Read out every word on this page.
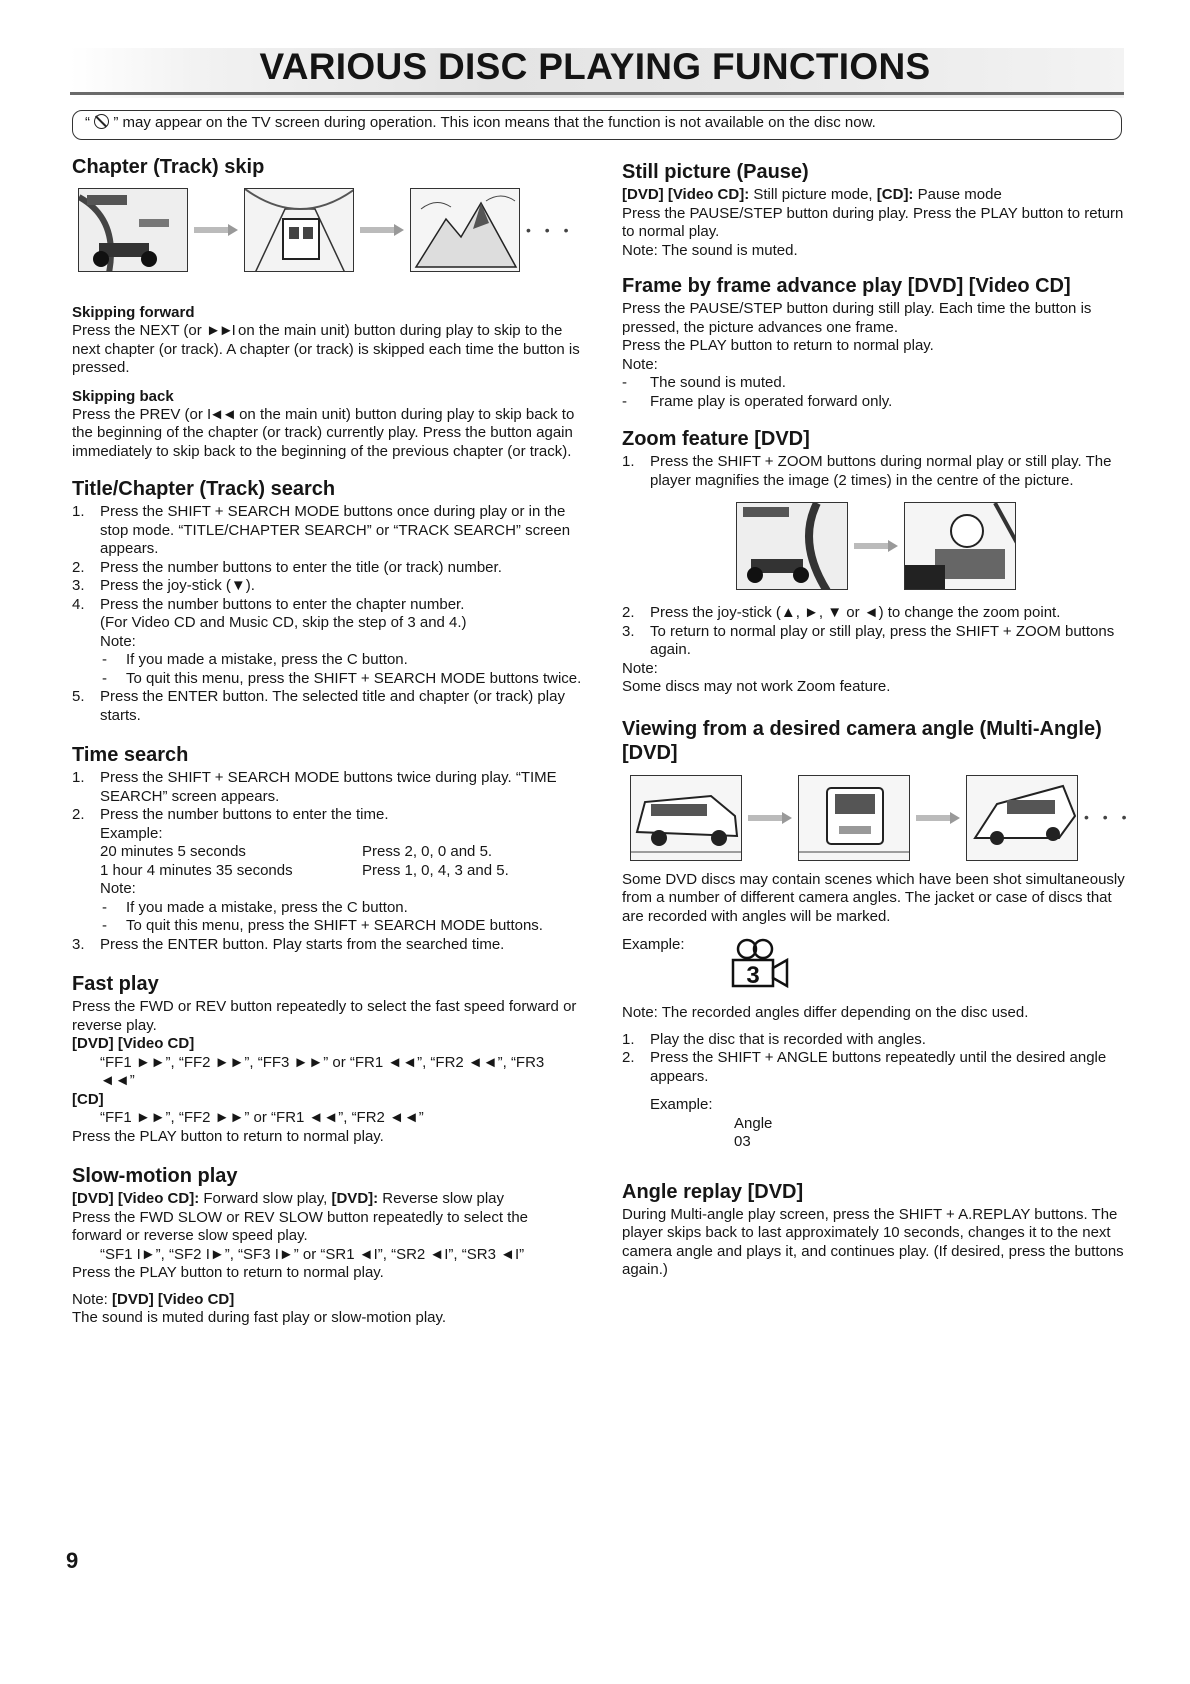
VARIOUS DISC PLAYING FUNCTIONS
“ ” may appear on the TV screen during operation. This icon means that the function is not available on the disc now.
Chapter (Track) skip
• • •
Skipping forward

Press the NEXT (or ►►I on the main unit) button during play to skip to the next chapter (or track). A chapter (or track) is skipped each time the button is pressed.

Skipping back

Press the PREV (or I◄◄ on the main unit) button during play to skip back to the beginning of the chapter (or track) currently play. Press the button again immediately to skip back to the beginning of the previous chapter (or track).

Title/Chapter (Track) search
1. Press the SHIFT + SEARCH MODE buttons once during play or in the stop mode. “TITLE/CHAPTER SEARCH” or “TRACK SEARCH” screen appears.
2. Press the number buttons to enter the title (or track) number.
3. Press the joy-stick (▼).
4. Press the number buttons to enter the chapter number.
(For Video CD and Music CD, skip the step of 3 and 4.)
Note:
- If you made a mistake, press the C button.
- To quit this menu, press the SHIFT + SEARCH MODE buttons twice.
5. Press the ENTER button. The selected title and chapter (or track) play starts.
Time search
1. Press the SHIFT + SEARCH MODE buttons twice during play. “TIME SEARCH” screen appears.
2. Press the number buttons to enter the time.
Example:
20 minutes 5 seconds	Press 2, 0, 0 and 5.
1 hour 4 minutes 35 seconds	Press 1, 0, 4, 3 and 5.
Note:
- If you made a mistake, press the C button.
- To quit this menu, press the SHIFT + SEARCH MODE buttons.
3. Press the ENTER button. Play starts from the searched time.
Fast play

Press the FWD or REV button repeatedly to select the fast speed forward or reverse play.

[DVD] [Video CD]

“FF1 ►►”, “FF2 ►►”, “FF3 ►►” or “FR1 ◄◄”, “FR2 ◄◄”, “FR3 ◄◄”

[CD]

“FF1 ►►”, “FF2 ►►” or “FR1 ◄◄”, “FR2 ◄◄”

Press the PLAY button to return to normal play.

Slow-motion play

[DVD] [Video CD]: Forward slow play, [DVD]: Reverse slow play

Press the FWD SLOW or REV SLOW button repeatedly to select the forward or reverse slow speed play.

“SF1 I►”, “SF2 I►”, “SF3 I►” or “SR1 ◄I”, “SR2 ◄I”, “SR3 ◄I”

Press the PLAY button to return to normal play.

Note: [DVD] [Video CD]

The sound is muted during fast play or slow-motion play.

Still picture (Pause)

[DVD] [Video CD]: Still picture mode, [CD]: Pause mode

Press the PAUSE/STEP button during play. Press the PLAY button to return to normal play.

Note: The sound is muted.

Frame by frame advance play [DVD] [Video CD]

Press the PAUSE/STEP button during still play. Each time the button is pressed, the picture advances one frame.

Press the PLAY button to return to normal play.

Note:

- The sound is muted.
- Frame play is operated forward only.
Zoom feature [DVD]
1. Press the SHIFT + ZOOM buttons during normal play or still play. The player magnifies the image (2 times) in the centre of the picture.
2. Press the joy-stick (▲, ►, ▼ or ◄) to change the zoom point.
3. To return to normal play or still play, press the SHIFT + ZOOM buttons again.

Note:

Some discs may not work Zoom feature.

Viewing from a desired camera angle (Multi-Angle) [DVD]
• • •

Some DVD discs may contain scenes which have been shot simultaneously from a number of different camera angles. The jacket or case of discs that are recorded with angles will be marked.

Example:
3

Note: The recorded angles differ depending on the disc used.

1. Play the disc that is recorded with angles.
2. Press the SHIFT + ANGLE buttons repeatedly until the desired angle appears.
Example:
Angle
03
Angle replay [DVD]

During Multi-angle play screen, press the SHIFT + A.REPLAY buttons. The player skips back to last approximately 10 seconds, changes it to the next camera angle and plays it, and continues play. (If desired, press the buttons again.)

9
